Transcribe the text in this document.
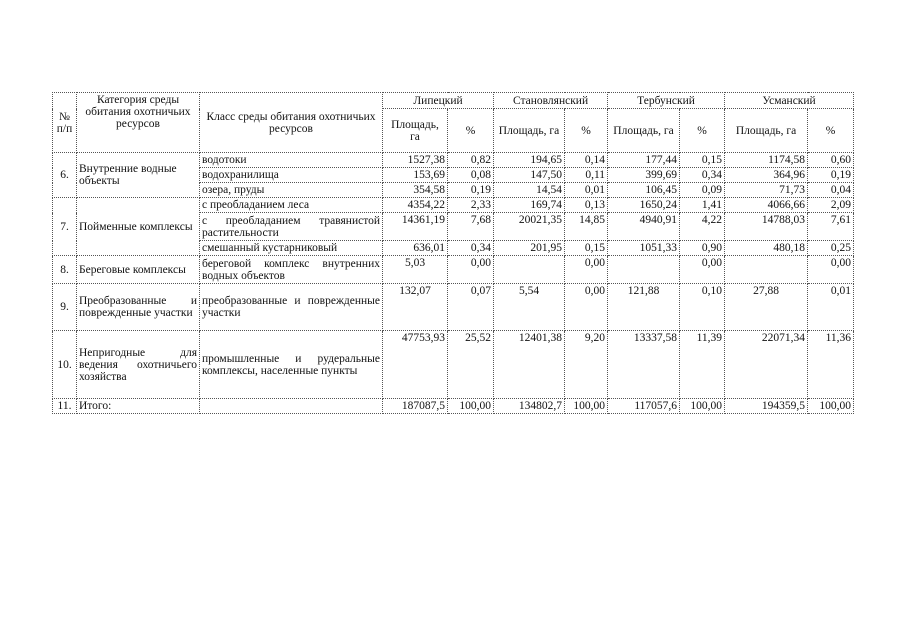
№ п/п	Категория среды обитания охотничьих ресурсов	Класс среды обитания охотничьих ресурсов	Липецкий		Становлянский		Тербунский		Усманский	
			Площадь, га	%	Площадь, га	%	Площадь, га	%	Площадь, га	%
6.	Внутренние водные объекты	водотоки	1527,38	0,82	194,65	0,14	177,44	0,15	1174,58	0,60
		водохранилища	153,69	0,08	147,50	0,11	399,69	0,34	364,96	0,19
		озера, пруды	354,58	0,19	14,54	0,01	106,45	0,09	71,73	0,04
7.	Пойменные комплексы	с преобладанием леса	4354,22	2,33	169,74	0,13	1650,24	1,41	4066,66	2,09
		с преобладанием травянистой растительности	14361,19	7,68	20021,35	14,85	4940,91	4,22	14788,03	7,61
		смешанный кустарниковый	636,01	0,34	201,95	0,15	1051,33	0,90	480,18	0,25
8.	Береговые комплексы	береговой комплекс внутренних водных объектов	5,03	0,00		0,00		0,00		0,00
9.	Преобразованные и поврежденные участки	преобразованные и поврежденные участки	132,07	0,07	5,54	0,00	121,88	0,10	27,88	0,01
10.	Непригодные для ведения охотничьего хозяйства	промышленные и рудеральные комплексы, населенные пункты	47753,93	25,52	12401,38	9,20	13337,58	11,39	22071,34	11,36
11.	Итого:		187087,5	100,00	134802,7	100,00	117057,6	100,00	194359,5	100,00
